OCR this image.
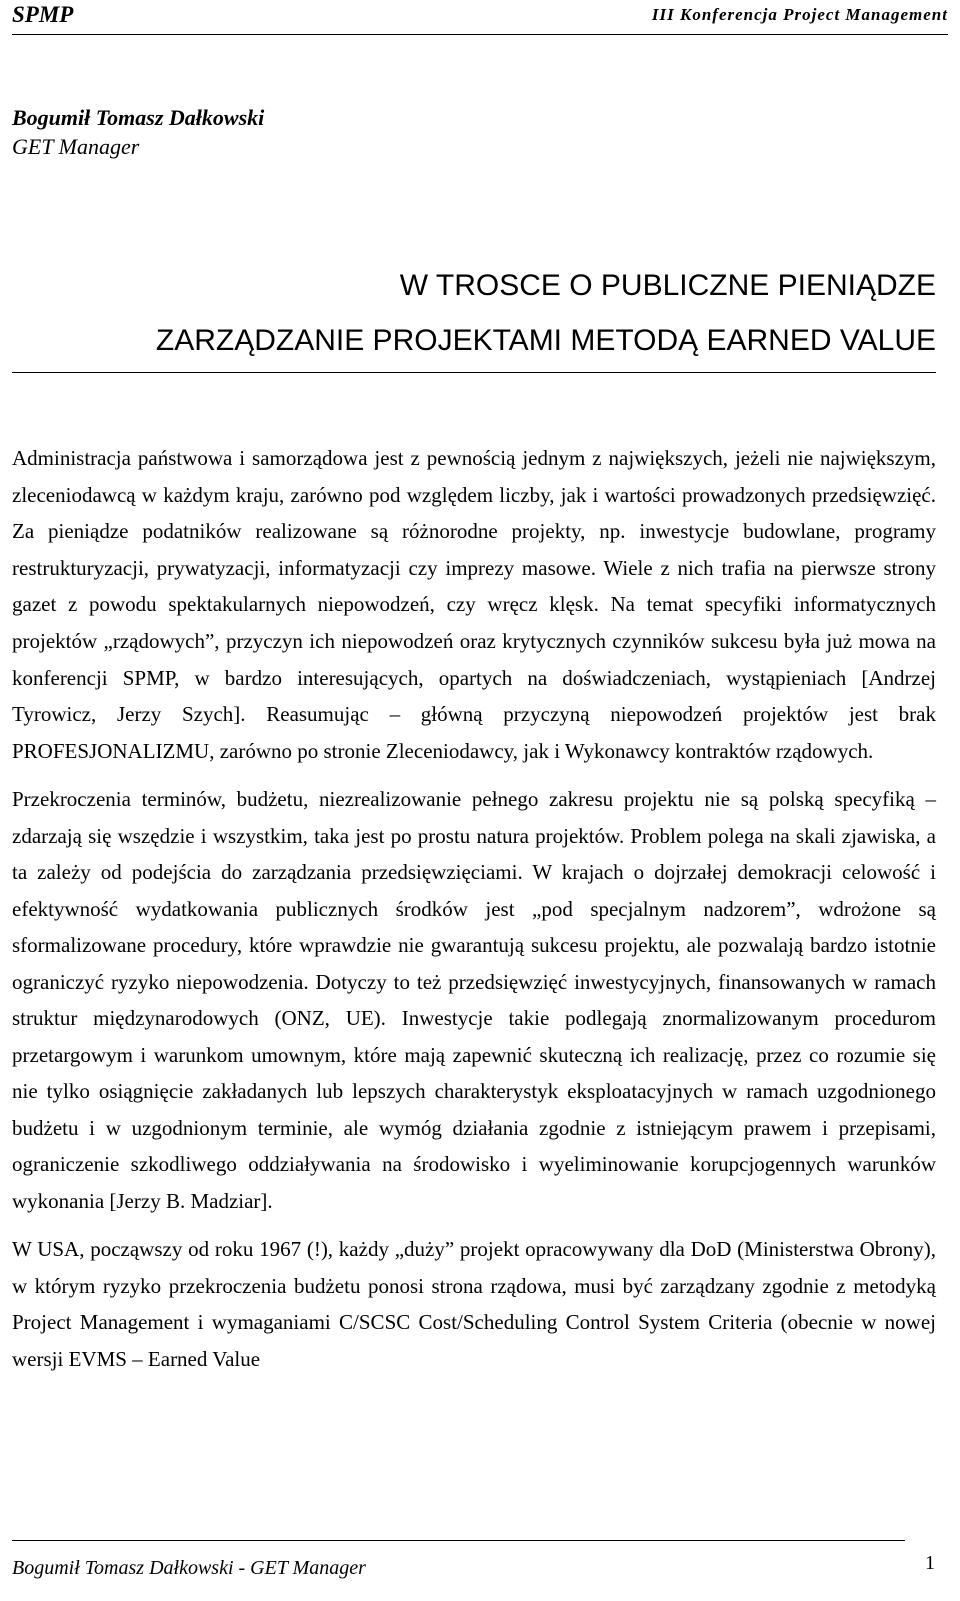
SPMP	III Konferencja Project Management
Bogumił Tomasz Dałkowski
GET Manager
W TROSCE O PUBLICZNE PIENIĄDZE
ZARZĄDZANIE PROJEKTAMI METODĄ EARNED VALUE

Administracja państwowa i samorządowa jest z pewnością jednym z największych, jeżeli nie największym, zleceniodawcą w każdym kraju, zarówno pod względem liczby, jak i wartości prowadzonych przedsięwzięć. Za pieniądze podatników realizowane są różnorodne projekty, np. inwestycje budowlane, programy restrukturyzacji, prywatyzacji, informatyzacji czy imprezy masowe. Wiele z nich trafia na pierwsze strony gazet z powodu spektakularnych niepowodzeń, czy wręcz klęsk. Na temat specyfiki informatycznych projektów „rządowych”, przyczyn ich niepowodzeń oraz krytycznych czynników sukcesu była już mowa na konferencji SPMP, w bardzo interesujących, opartych na doświadczeniach, wystąpieniach [Andrzej Tyrowicz, Jerzy Szych]. Reasumując – główną przyczyną niepowodzeń projektów jest brak PROFESJONALIZMU, zarówno po stronie Zleceniodawcy, jak i Wykonawcy kontraktów rządowych.

Przekroczenia terminów, budżetu, niezrealizowanie pełnego zakresu projektu nie są polską specyfiką – zdarzają się wszędzie i wszystkim, taka jest po prostu natura projektów. Problem polega na skali zjawiska, a ta zależy od podejścia do zarządzania przedsięwzięciami. W krajach o dojrzałej demokracji celowość i efektywność wydatkowania publicznych środków jest „pod specjalnym nadzorem”, wdrożone są sformalizowane procedury, które wprawdzie nie gwarantują sukcesu projektu, ale pozwalają bardzo istotnie ograniczyć ryzyko niepowodzenia. Dotyczy to też przedsięwzięć inwestycyjnych, finansowanych w ramach struktur międzynarodowych (ONZ, UE). Inwestycje takie podlegają znormalizowanym procedurom przetargowym i warunkom umownym, które mają zapewnić skuteczną ich realizację, przez co rozumie się nie tylko osiągnięcie zakładanych lub lepszych charakterystyk eksploatacyjnych w ramach uzgodnionego budżetu i w uzgodnionym terminie, ale wymóg działania zgodnie z istniejącym prawem i przepisami, ograniczenie szkodliwego oddziaływania na środowisko i wyeliminowanie korupcjogennych warunków wykonania [Jerzy B. Madziar].

W USA, począwszy od roku 1967 (!), każdy „duży” projekt opracowywany dla DoD (Ministerstwa Obrony), w którym ryzyko przekroczenia budżetu ponosi strona rządowa, musi być zarządzany zgodnie z metodyką Project Management i wymaganiami C/SCSC Cost/Scheduling Control System Criteria (obecnie w nowej wersji EVMS – Earned Value

Bogumił Tomasz Dałkowski - GET Manager	1
